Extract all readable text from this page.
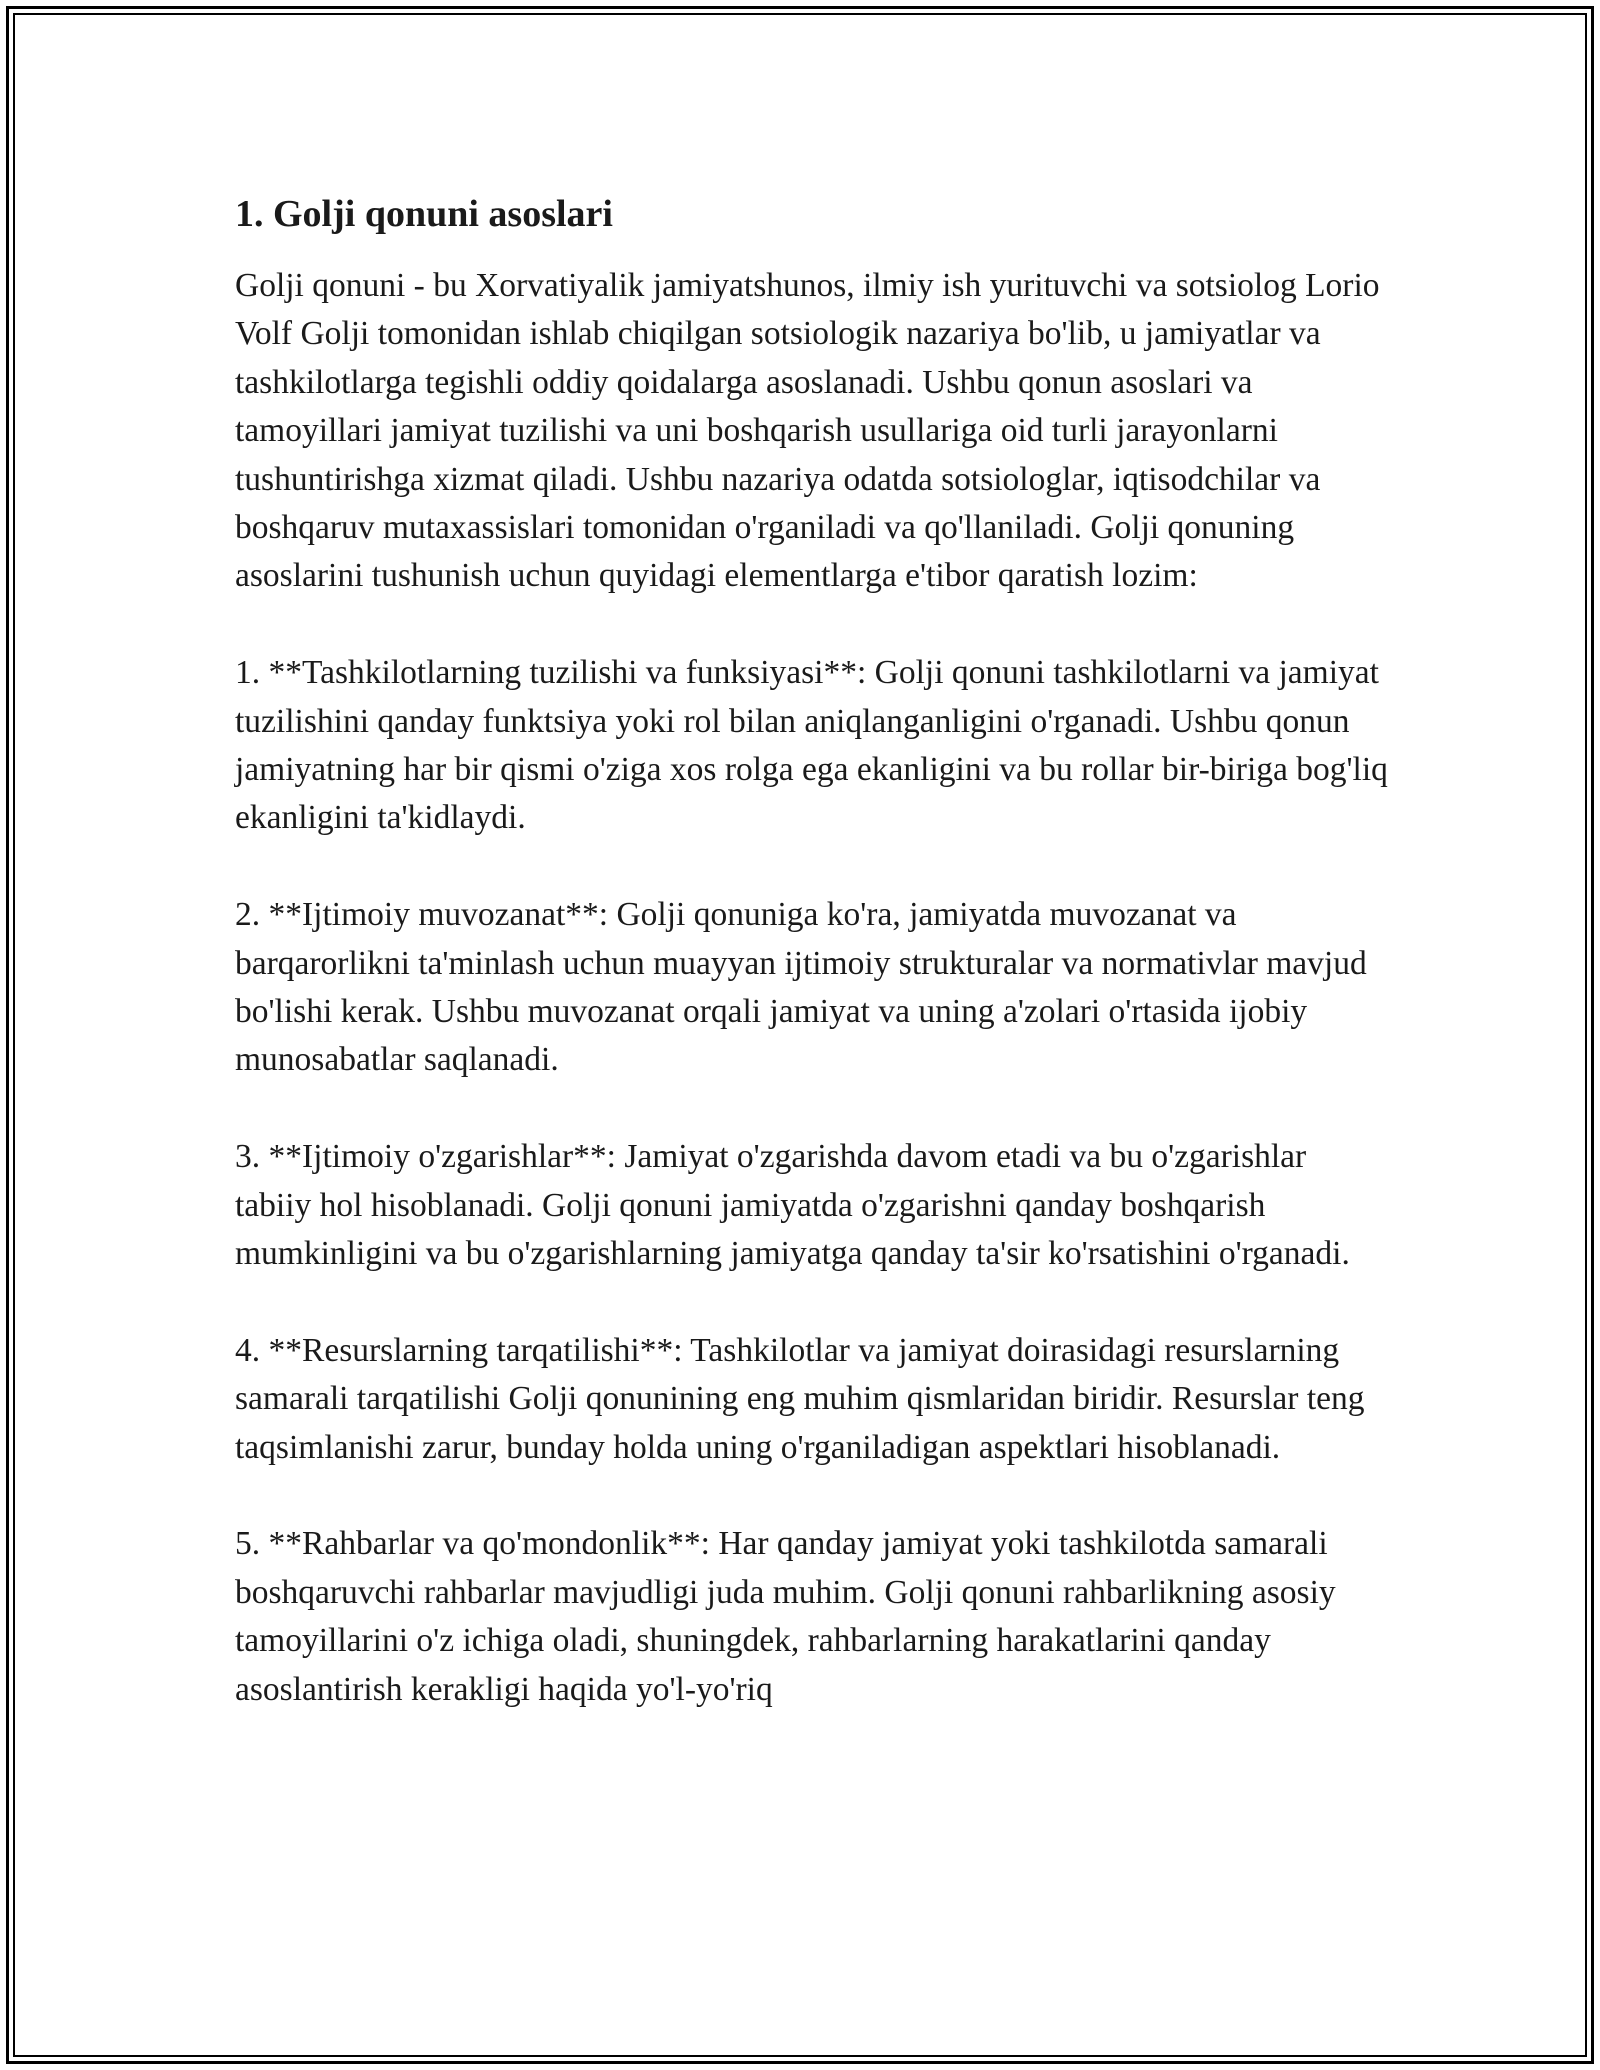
1. Golji qonuni asoslari
Golji qonuni - bu Xorvatiyalik jamiyatshunos, ilmiy ish yurituvchi va sotsiolog Lorio Volf Golji tomonidan ishlab chiqilgan sotsiologik nazariya bo'lib, u jamiyatlar va tashkilotlarga tegishli oddiy qoidalarga asoslanadi. Ushbu qonun asoslari va tamoyillari jamiyat tuzilishi va uni boshqarish usullariga oid turli jarayonlarni tushuntirishga xizmat qiladi. Ushbu nazariya odatda sotsiologlar, iqtisodchilar va boshqaruv mutaxassislari tomonidan o'rganiladi va qo'llaniladi. Golji qonuning asoslarini tushunish uchun quyidagi elementlarga e'tibor qaratish lozim:
1. **Tashkilotlarning tuzilishi va funksiyasi**: Golji qonuni tashkilotlarni va jamiyat tuzilishini qanday funktsiya yoki rol bilan aniqlanganligini o'rganadi. Ushbu qonun jamiyatning har bir qismi o'ziga xos rolga ega ekanligini va bu rollar bir-biriga bog'liq ekanligini ta'kidlaydi.
2. **Ijtimoiy muvozanat**: Golji qonuniga ko'ra, jamiyatda muvozanat va barqarorlikni ta'minlash uchun muayyan ijtimoiy strukturalar va normativlar mavjud bo'lishi kerak. Ushbu muvozanat orqali jamiyat va uning a'zolari o'rtasida ijobiy munosabatlar saqlanadi.
3. **Ijtimoiy o'zgarishlar**: Jamiyat o'zgarishda davom etadi va bu o'zgarishlar tabiiy hol hisoblanadi. Golji qonuni jamiyatda o'zgarishni qanday boshqarish mumkinligini va bu o'zgarishlarning jamiyatga qanday ta'sir ko'rsatishini o'rganadi.
4. **Resurslarning tarqatilishi**: Tashkilotlar va jamiyat doirasidagi resurslarning samarali tarqatilishi Golji qonunining eng muhim qismlaridan biridir. Resurslar teng taqsimlanishi zarur, bunday holda uning o'rganiladigan aspektlari hisoblanadi.
5. **Rahbarlar va qo'mondonlik**: Har qanday jamiyat yoki tashkilotda samarali boshqaruvchi rahbarlar mavjudligi juda muhim. Golji qonuni rahbarlikning asosiy tamoyillarini o'z ichiga oladi, shuningdek, rahbarlarning harakatlarini qanday asoslantirish kerakligi haqida yo'l-yo'riq
